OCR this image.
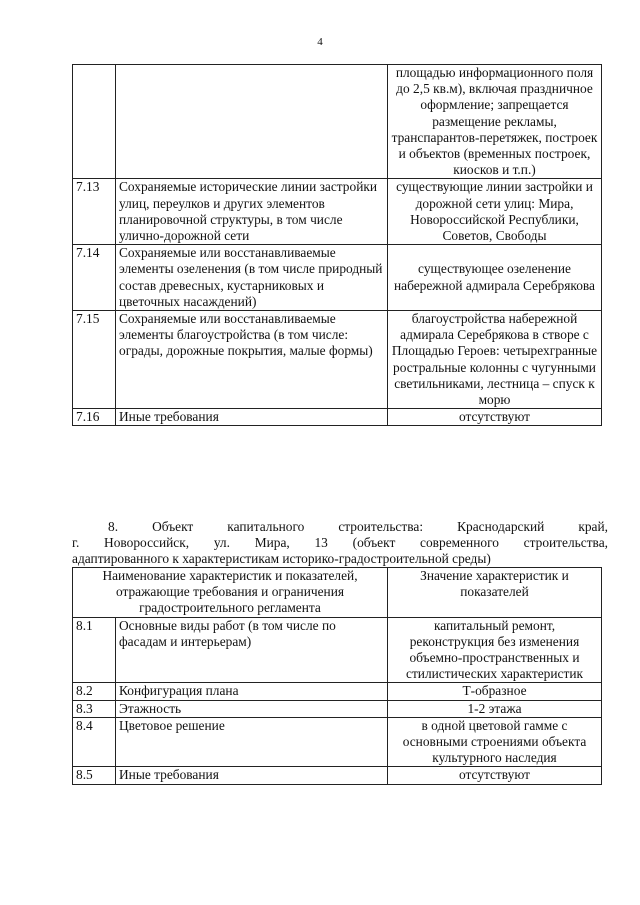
4
		площадью информационного поля до 2,5 кв.м), включая праздничное оформление; запрещается размещение рекламы, транспарантов-перетяжек, построек и объектов (временных построек, киосков и т.п.)
7.13	Сохраняемые исторические линии застройки улиц, переулков и других элементов планировочной структуры, в том числе улично-дорожной сети	существующие линии застройки и дорожной сети улиц: Мира, Новороссийской Республики, Советов, Свободы
7.14	Сохраняемые или восстанавливаемые элементы озеленения (в том числе природный состав древесных, кустарниковых и цветочных насаждений)	существующее озеленение набережной адмирала Серебрякова
7.15	Сохраняемые или восстанавливаемые элементы благоустройства (в том числе: ограды, дорожные покрытия, малые формы)	благоустройства набережной адмирала Серебрякова в створе с Площадью Героев: четырехгранные ростральные колонны с чугунными светильниками, лестница – спуск к морю
7.16	Иные требования	отсутствуют
8. Объект капитального строительства: Краснодарский край,
г. Новороссийск, ул. Мира, 13 (объект современного строительства,
адаптированного к характеристикам историко-градостроительной среды)
Наименование характеристик и показателей, отражающие требования и ограничения градостроительного регламента		Значение характеристик и показателей
8.1	Основные виды работ (в том числе по фасадам и интерьерам)	капитальный ремонт, реконструкция без изменения объемно-пространственных и стилистических характеристик
8.2	Конфигурация плана	Т-образное
8.3	Этажность	1-2 этажа
8.4	Цветовое решение	в одной цветовой гамме с основными строениями объекта культурного наследия
8.5	Иные требования	отсутствуют
